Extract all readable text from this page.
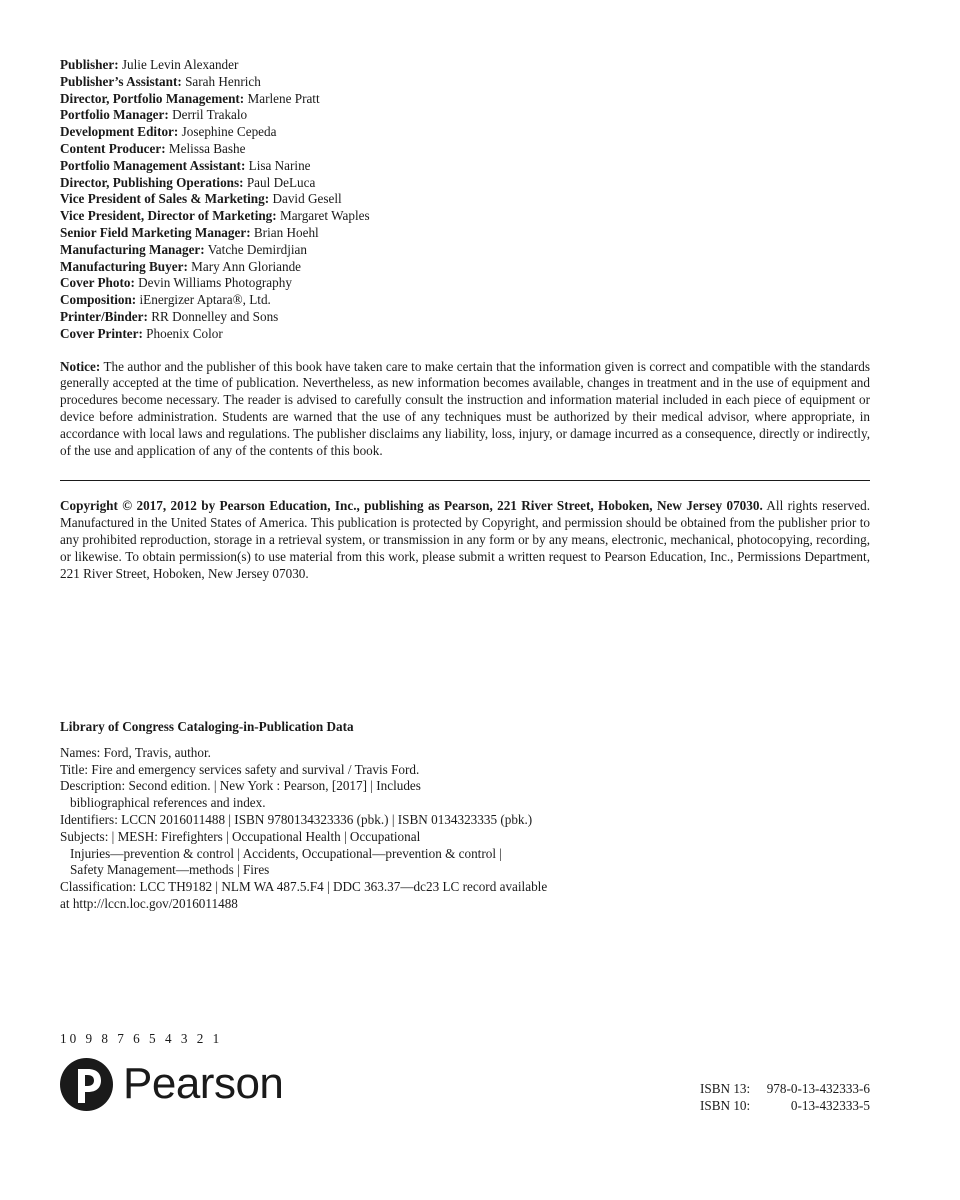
Publisher: Julie Levin Alexander
Publisher’s Assistant: Sarah Henrich
Director, Portfolio Management: Marlene Pratt
Portfolio Manager: Derril Trakalo
Development Editor: Josephine Cepeda
Content Producer: Melissa Bashe
Portfolio Management Assistant: Lisa Narine
Director, Publishing Operations: Paul DeLuca
Vice President of Sales & Marketing: David Gesell
Vice President, Director of Marketing: Margaret Waples
Senior Field Marketing Manager: Brian Hoehl
Manufacturing Manager: Vatche Demirdjian
Manufacturing Buyer: Mary Ann Gloriande
Cover Photo: Devin Williams Photography
Composition: iEnergizer Aptara®, Ltd.
Printer/Binder: RR Donnelley and Sons
Cover Printer: Phoenix Color
Notice: The author and the publisher of this book have taken care to make certain that the information given is correct and compatible with the standards generally accepted at the time of publication. Nevertheless, as new information becomes available, changes in treatment and in the use of equipment and procedures become necessary. The reader is advised to carefully consult the instruction and information material included in each piece of equipment or device before administration. Students are warned that the use of any techniques must be authorized by their medical advisor, where appropriate, in accordance with local laws and regulations. The publisher disclaims any liability, loss, injury, or damage incurred as a consequence, directly or indirectly, of the use and application of any of the contents of this book.
Copyright © 2017, 2012 by Pearson Education, Inc., publishing as Pearson, 221 River Street, Hoboken, New Jersey 07030. All rights reserved. Manufactured in the United States of America. This publication is protected by Copyright, and permission should be obtained from the publisher prior to any prohibited reproduction, storage in a retrieval system, or transmission in any form or by any means, electronic, mechanical, photocopying, recording, or likewise. To obtain permission(s) to use material from this work, please submit a written request to Pearson Education, Inc., Permissions Department, 221 River Street, Hoboken, New Jersey 07030.
Library of Congress Cataloging-in-Publication Data
Names: Ford, Travis, author.
Title: Fire and emergency services safety and survival / Travis Ford.
Description: Second edition. | New York : Pearson, [2017] | Includes
bibliographical references and index.
Identifiers: LCCN 2016011488 | ISBN 9780134323336 (pbk.) | ISBN 0134323335 (pbk.)
Subjects: | MESH: Firefighters | Occupational Health | Occupational
Injuries—prevention & control | Accidents, Occupational—prevention & control |
Safety Management—methods | Fires
Classification: LCC TH9182 | NLM WA 487.5.F4 | DDC 363.37—dc23 LC record available
at http://lccn.loc.gov/2016011488
10 9 8 7 6 5 4 3 2 1
Pearson	ISBN 13: 978-0-13-432333-6
ISBN 10:	0-13-432333-5
